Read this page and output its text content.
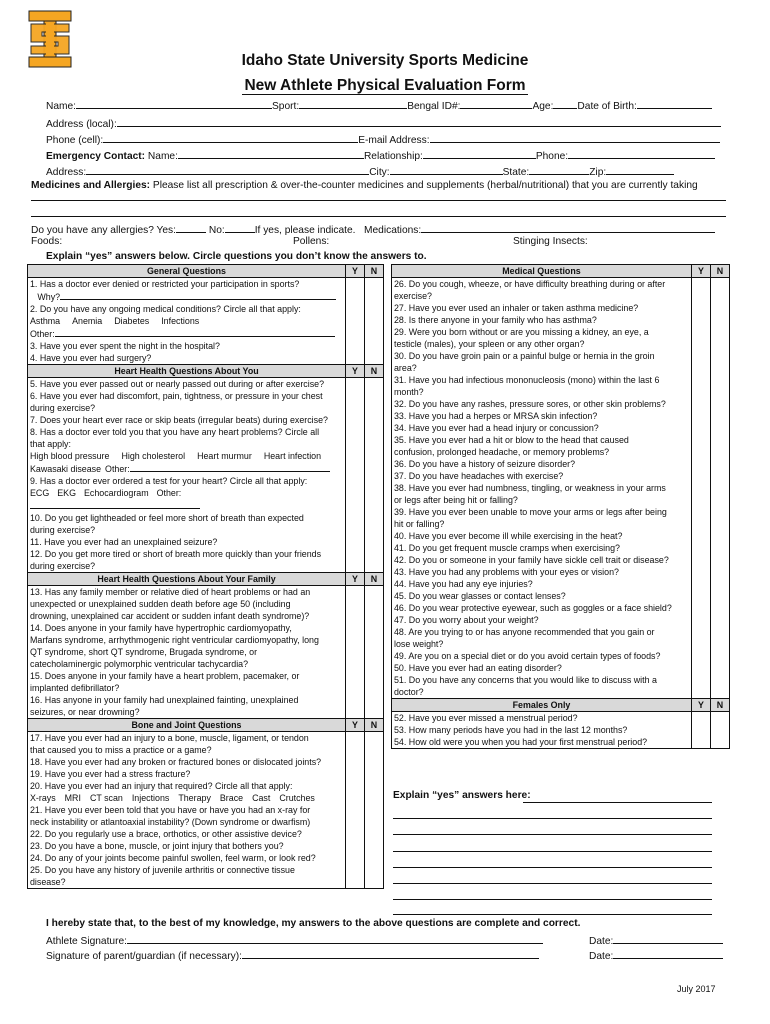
Idaho State University Sports Medicine
New Athlete Physical Evaluation Form
Name:	Sport:	Bengal ID#:	Age: Date of Birth:
Address (local):
Phone (cell):	E-mail Address:
Emergency Contact: Name:	Relationship:	Phone:
Address:	City:	State:	Zip:
Medicines and Allergies: Please list all prescription & over-the-counter medicines and supplements (herbal/nutritional) that you are currently taking
Do you have any allergies? Yes:	No:	If yes, please indicate. Medications:
Foods:	Pollens:	Stinging Insects:
Explain “yes” answers below. Circle questions you don’t know the answers to.
General Questions	Y	N
1. Has a doctor ever denied or restricted your participation in sports?		
Why?		
2. Do you have any ongoing medical conditions? Circle all that apply:		
Asthma Anemia Diabetes Infections		
Other:		
3. Have you ever spent the night in the hospital?		
4. Have you ever had surgery?		
Heart Health Questions About You	Y	N
5. Have you ever passed out or nearly passed out during or after exercise?		
6. Have you ever had discomfort, pain, tightness, or pressure in your chest		
during exercise?		
7. Does your heart ever race or skip beats (irregular beats) during exercise?		
8. Has a doctor ever told you that you have any heart problems? Circle all		
that apply:		
High blood pressure High cholesterol Heart murmur Heart infection		
Kawasaki disease Other:		
9. Has a doctor ever ordered a test for your heart? Circle all that apply:		
ECG EKG Echocardiogram Other:		
10. Do you get lightheaded or feel more short of breath than expected		
during exercise?		
11. Have you ever had an unexplained seizure?		
12. Do you get more tired or short of breath more quickly than your friends		
during exercise?		
Heart Health Questions About Your Family	Y	N
13. Has any family member or relative died of heart problems or had an		
unexpected or unexplained sudden death before age 50 (including		
drowning, unexplained car accident or sudden infant death syndrome)?		
14. Does anyone in your family have hypertrophic cardiomyopathy,		
Marfans syndrome, arrhythmogenic right ventricular cardiomyopathy, long		
QT syndrome, short QT syndrome, Brugada syndrome, or		
catecholaminergic polymorphic ventricular tachycardia?		
15. Does anyone in your family have a heart problem, pacemaker, or		
implanted defibrillator?		
16. Has anyone in your family had unexplained fainting, unexplained		
seizures, or near drowning?		
Bone and Joint Questions	Y	N
17. Have you ever had an injury to a bone, muscle, ligament, or tendon		
that caused you to miss a practice or a game?		
18. Have you ever had any broken or fractured bones or dislocated joints?		
19. Have you ever had a stress fracture?		
20. Have you ever had an injury that required? Circle all that apply:		
X-rays MRI CT scan Injections Therapy Brace Cast Crutches		
21. Have you ever been told that you have or have you had an x-ray for		
neck instability or atlantoaxial instability? (Down syndrome or dwarfism)		
22. Do you regularly use a brace, orthotics, or other assistive device?		
23. Do you have a bone, muscle, or joint injury that bothers you?		
24. Do any of your joints become painful swollen, feel warm, or look red?		
25. Do you have any history of juvenile arthritis or connective tissue		
disease?		
Medical Questions	Y	N
26. Do you cough, wheeze, or have difficulty breathing during or after		
exercise?		
27. Have you ever used an inhaler or taken asthma medicine?		
28. Is there anyone in your family who has asthma?		
29. Were you born without or are you missing a kidney, an eye, a		
testicle (males), your spleen or any other organ?		
30. Do you have groin pain or a painful bulge or hernia in the groin		
area?		
31. Have you had infectious mononucleosis (mono) within the last 6		
month?		
32. Do you have any rashes, pressure sores, or other skin problems?		
33. Have you had a herpes or MRSA skin infection?		
34. Have you ever had a head injury or concussion?		
35. Have you ever had a hit or blow to the head that caused		
confusion, prolonged headache, or memory problems?		
36. Do you have a history of seizure disorder?		
37. Do you have headaches with exercise?		
38. Have you ever had numbness, tingling, or weakness in your arms		
or legs after being hit or falling?		
39. Have you ever been unable to move your arms or legs after being		
hit or falling?		
40. Have you ever become ill while exercising in the heat?		
41. Do you get frequent muscle cramps when exercising?		
42. Do you or someone in your family have sickle cell trait or disease?		
43. Have you had any problems with your eyes or vision?		
44. Have you had any eye injuries?		
45. Do you wear glasses or contact lenses?		
46. Do you wear protective eyewear, such as goggles or a face shield?		
47. Do you worry about your weight?		
48. Are you trying to or has anyone recommended that you gain or		
lose weight?		
49. Are you on a special diet or do you avoid certain types of foods?		
50. Have you ever had an eating disorder?		
51. Do you have any concerns that you would like to discuss with a		
doctor?		
Females Only	Y	N
52. Have you ever missed a menstrual period?		
53. How many periods have you had in the last 12 months?		
54. How old were you when you had your first menstrual period?		
Explain “yes” answers here:
I hereby state that, to the best of my knowledge, my answers to the above questions are complete and correct.
Athlete Signature:	Date:
Signature of parent/guardian (if necessary):	Date:
July 2017
